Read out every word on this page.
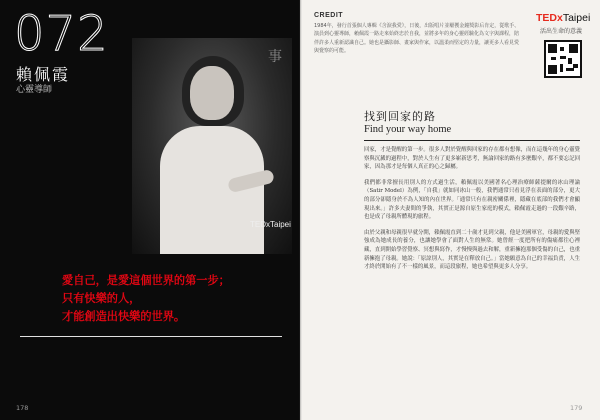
072
賴佩霞
心靈導師
事
TEDxTaipei
愛自己，是愛這個世界的第一步；
只有快樂的人，
才能創造出快樂的世界。
178
CREDIT
1984年，發行首張個人專輯《含淚我愛》，日後，出版唱片並屢獲金鐘獎影后肯定，從歌手、演員到心靈導師，賴佩霞一路走來始終忠於自我，並將多年的身心靈經驗化為文字與課程，陪伴許多人重新認識自己。她也是攝影師、畫家與作家，以溫柔而堅定的力量，讓更多人看見愛與覺察的可能。
TEDxTaipei
活出生命的意義
找到回家的路
Find your way home

回家，才是覺醒的第一步。很多人對於覺醒與回家的存在都有想像，而在這幾年的身心靈覺察與沉澱的過程中，對於人生有了更多嶄新思考，無論回家的路有多麼艱辛，都不要忘記回家，因為那才是每個人真正的心之歸屬。

我們都非常擅長用別人的方式過生活，賴佩霞以美國著名心理治療師薩提爾的冰山理論（Satir Model）為例，「自我」就如同冰山一般，我們通常只看見浮在表面的部分，更大的部分卻隱身於不為人知的內在世界。「通常只有在親密關係裡，隱藏在底部的我們才會顯現出來。」許多夫妻間的爭執，其實正是源自原生家庭的模式，賴佩霞走過的一段艱辛路，也是成了母親所體現的旅程。

由於父親和母親很早就分開，賴佩霞直到二十歲才見到父親，他是美國軍官，母親的愛與堅強成為她成長的養分，也讓她學會了面對人生的無常。她曾經一度把所有的傷痛都往心裡藏，直到開始學習覺察、冥想與寫作，才慢慢與過去和解，重新擁抱那個受傷的自己，也重新擁抱了母親。她說：「原諒別人，其實是在釋放自己。」當她願意為自己的幸福負責，人生才終於開始有了不一樣的風景，而這段旅程，她也希望與更多人分享。

179
